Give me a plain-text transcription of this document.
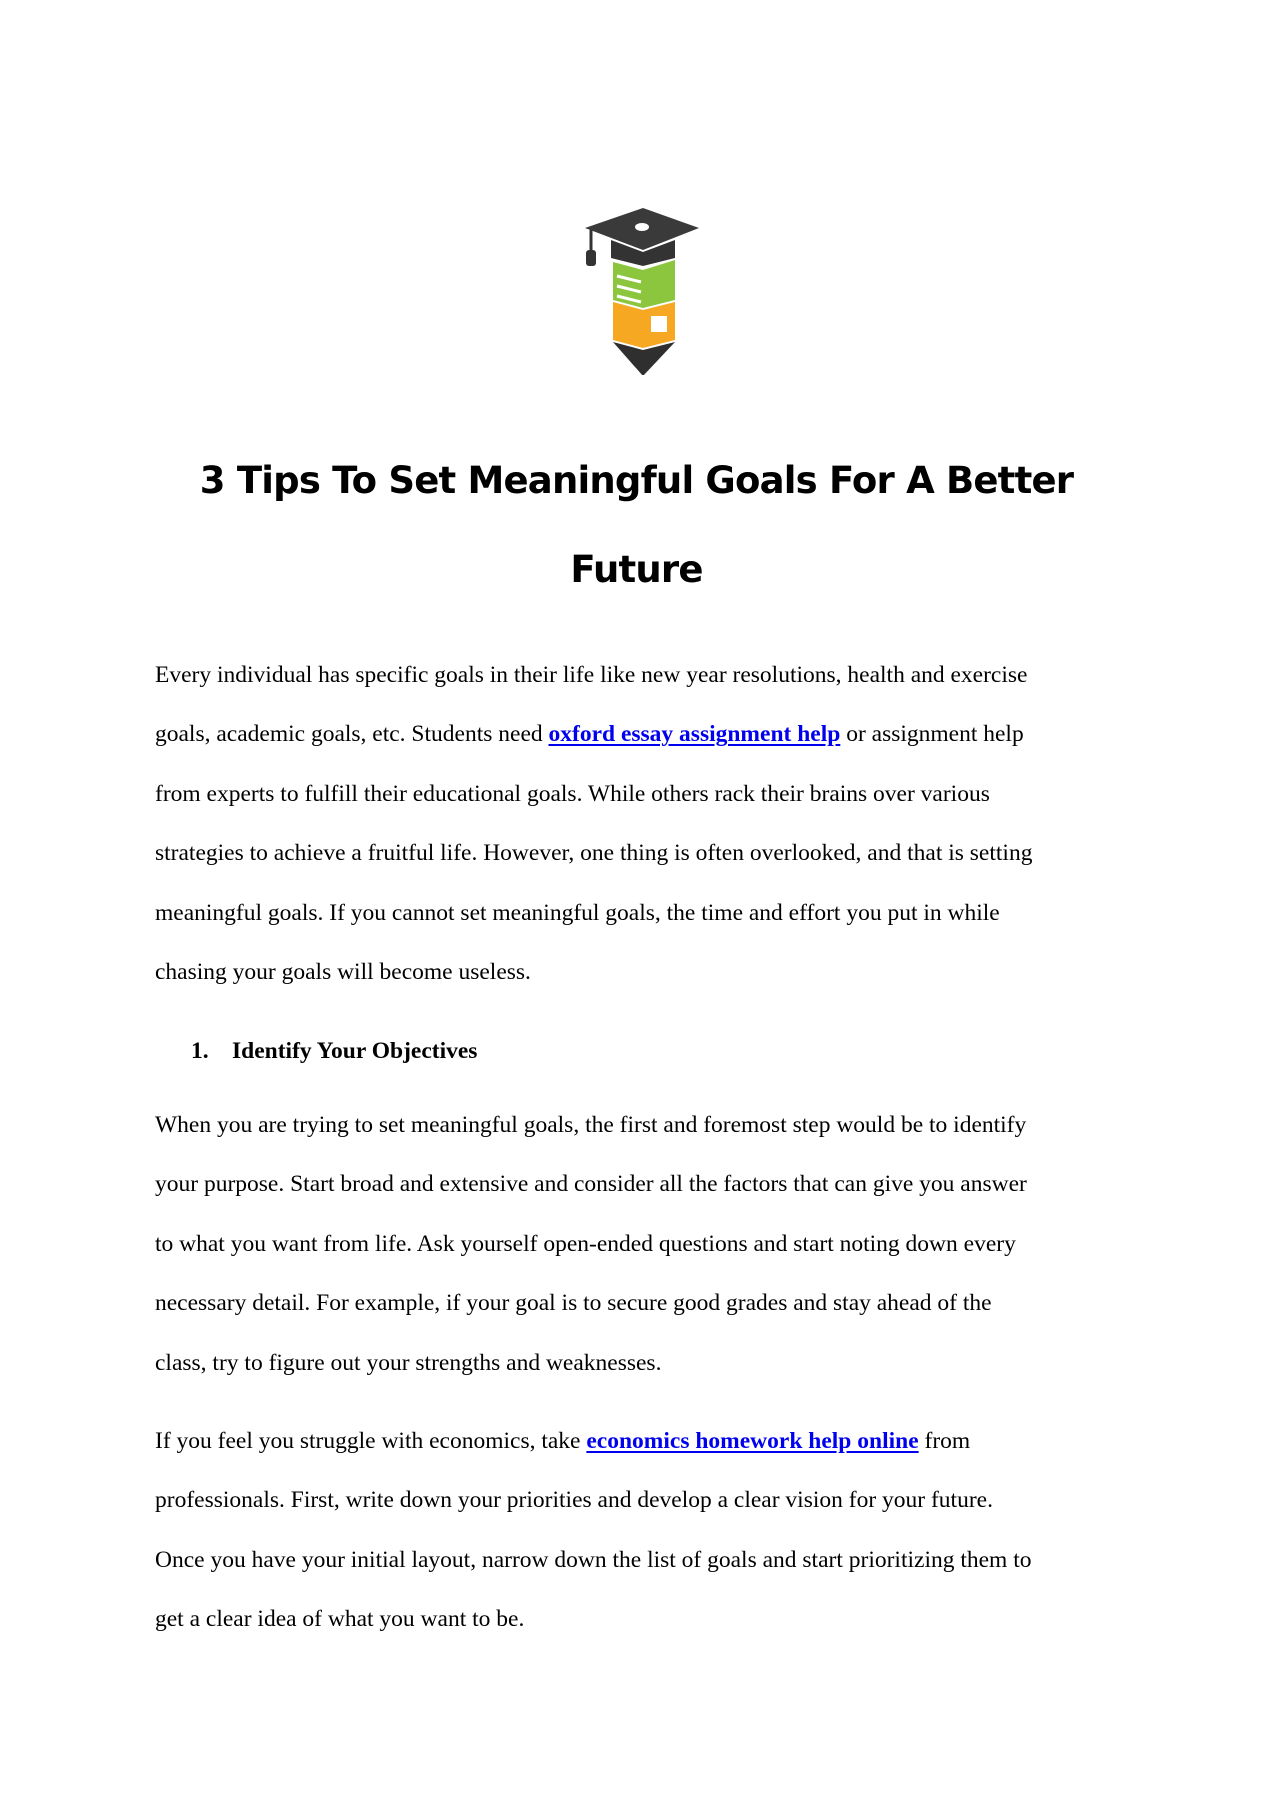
3 Tips To Set Meaningful Goals For A Better
Future

Every individual has specific goals in their life like new year resolutions, health and exercise
goals, academic goals, etc. Students need oxford essay assignment help or assignment help
from experts to fulfill their educational goals. While others rack their brains over various
strategies to achieve a fruitful life. However, one thing is often overlooked, and that is setting
meaningful goals. If you cannot set meaningful goals, the time and effort you put in while
chasing your goals will become useless.

1. Identify Your Objectives

When you are trying to set meaningful goals, the first and foremost step would be to identify
your purpose. Start broad and extensive and consider all the factors that can give you answer
to what you want from life. Ask yourself open-ended questions and start noting down every
necessary detail. For example, if your goal is to secure good grades and stay ahead of the
class, try to figure out your strengths and weaknesses.

If you feel you struggle with economics, take economics homework help online from
professionals. First, write down your priorities and develop a clear vision for your future.
Once you have your initial layout, narrow down the list of goals and start prioritizing them to
get a clear idea of what you want to be.
